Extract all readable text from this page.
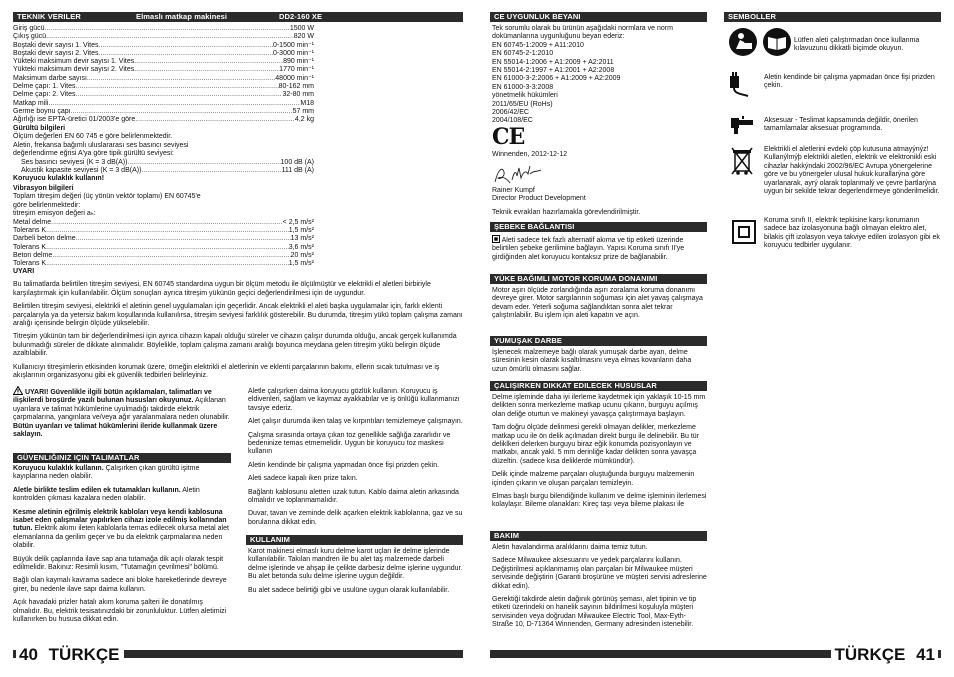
TEKNIK VERILER	Elmaslı matkap makinesi	DD2-160 XE
Giriş gücü .....	1500 W
Çıkış gücü .....	820 W
Boştaki devir sayısı 1. Vites .....	0-1500 min⁻¹
Boştaki devir sayısı 2. Vites .....	0-3000 min⁻¹
Yükteki maksimum devir sayısı 1. Vites .....	890 min⁻¹
Yükteki maksimum devir sayısı 2. Vites .....	1770 min⁻¹
Maksimum darbe sayısı .....	48000 min⁻¹
Delme çapı: 1. Vites .....	80-162 mm
Delme çapı: 2. Vites .....	32-80 mm
Matkap mili .....	M18
Germe boynu çapı .....	57 mm
Ağırlığı ise EPTA-üretici 01/2003'e göre .....	4,2 kg
Gürültü bilgileri
Ölçüm değerleri EN 60 745 e göre belirlenmektedir.
Aletin, frekansa bağımlı uluslararası ses basıncı seviyesi
değerlendirme eğrisi A'ya göre tipik gürültü seviyesi:
Ses basıncı seviyesi (K = 3 dB(A)) .....	100 dB (A)
Akustik kapasite seviyesi (K = 3 dB(A)) .....	111 dB (A)
Koruyucu kulaklık kullanın!
Vibrasyon bilgileri
Toplam titreşim değeri (üç yönün vektör toplamı) EN 60745'e
göre belirlenmektedir:
titreşim emisyon değeri aₕ:
Metal delme .....	< 2,5 m/s²
Tolerans K .....	1,5 m/s²
Darbeli beton delme .....	13 m/s²
Tolerans K .....	3,6 m/s²
Beton delme .....	20 m/s²
Tolerans K .....	1,5 m/s²
UYARI

Bu talimatlarda belirtilen titreşim seviyesi, EN 60745 standardına uygun bir ölçüm metodu ile ölçülmüştür ve elektrikli el aletleri birbiriyle karşılaştırmak için kullanılabilir. Ölçüm sonuçları ayrıca titreşim yükünün geçici değerlendirilmesi için de uygundur.

Belirtilen titreşim seviyesi, elektrikli el aletinin genel uygulamaları için geçerlidir. Ancak elektrikli el aleti başka uygulamalar için, farklı eklenti parçalarıyla ya da yetersiz bakım koşullarında kullanılırsa, titreşim seviyesi farklılık gösterebilir. Bu durumda, titreşim yükü toplam çalışma zamanı aralığı içerisinde belirgin ölçüde yükselebilir.

Titreşim yükünün tam bir değerlendirilmesi için ayrıca cihazın kapalı olduğu süreler ve cihazın çalışır durumda olduğu, ancak gerçek kullanımda bulunmadığı süreler de dikkate alınmalıdır. Böylelikle, toplam çalışma zamanı aralığı boyunca meydana gelen titreşim yükü belirgin ölçüde azaltılabilir.

Kullanıcıyı titreşimlerin etkisinden korumak üzere, örneğin elektrikli el aletlerinin ve eklenti parçalarının bakımı, ellerin sıcak tutulması ve iş akışlarının organizasyonu gibi ek güvenlik tedbirleri belirleyiniz.

UYARI! Güvenlikle ilgili bütün açıklamaları, talimatları ve ilişkilerdi broşürde yazılı bulunan hususları okuyunuz. Açıklanan uyarılara ve talimat hükümlerine uyulmadığı takdirde elektrik çarpmalarına, yangınlara ve/veya ağır yaralanmalara neden olunabilir. Bütün uyarıları ve talimat hükümlerini ileride kullanmak üzere saklayın.

GÜVENLIĞINIZ IÇIN TALIMATLAR

Koruyucu kulaklık kullanın. Çalışırken çıkan gürültü işitme kayıplarına neden olabilir.

Aletle birlikte teslim edilen ek tutamakları kullanın. Aletin kontrolden çıkması kazalara neden olabilir.

Kesme aletinin eğrilmiş elektrik kabloları veya kendi kablosuna isabet eden çalışmalar yapılırken cihazı izole edilmiş kollarından tutun. Elektrik akımı ileten kablolarla temas edilecek olursa metal alet elemanlarına da gerilim geçer ve bu da elektrik çarpmalarına neden olabilir.

Büyük delik çaplarında ilave sap ana tutamağa dik açılı olarak tespit edilmelidir. Bakınız: Resimli kısım, "Tutamağın çevrilmesi" bölümü.

Bağlı olan kaymalı kavrama sadece ani bloke hareketlerinde devreye girer, bu nedenle ilave sapı daima kullanın.

Açık havadaki prizler hatalı akım koruma şalteri ile donatılmış olmalıdır. Bu, elektrik tesisatınızdaki bir zorunluluktur. Lütfen aletimizi kullanırken bu hususa dikkat edin.

Aletle çalışırken daima koruyucu gözlük kullanın. Koruyucu iş eldivenleri, sağlam ve kaymaz ayakkabılar ve iş önlüğü kullanmanızı tavsiye ederiz.

Alet çalışır durumda iken talaş ve kırpıntıları temizlemeye çalışmayın.

Çalışma sırasında ortaya çıkan toz genellikle sağlığa zararlıdır ve bedeninize temas etmemelidir. Uygun bir koruyucu toz maskesi kullanın

Aletin kendinde bir çalışma yapmadan önce fişi prizden çekin.

Aleti sadece kapalı iken prize takın.

Bağlantı kablosunu aletten uzak tutun. Kablo daima aletin arkasında olmalıdır ve toplanmamalıdır.

Duvar, tavan ve zeminde delik açarken elektrik kablolarına, gaz ve su borularına dikkat edin.

KULLANIM

Karot makinesi elmaslı kuru delme karot uçları ile delme işlerinde kullanılabilir. Takılan mandren ile bu alet taş malzemede darbeli delme işlerinde ve ahşap ile çelikte darbesiz delme işlerine uygundur. Bu alet betonda sulu delme işlerine uygun değildir.

Bu alet sadece belirtiği gibi ve usulüne uygun olarak kullanılabilir.

40 TÜRKÇE
CE UYGUNLUK BEYANI
Tek sorumlu olarak bu ürünün aşağıdaki normlara ve norm
dokümanlarına uygunluğunu beyan ederiz:
EN 60745-1:2009 + A11:2010
EN 60745-2-1:2010
EN 55014-1:2006 + A1:2009 + A2:2011
EN 55014-2:1997 + A1:2001 + A2:2008
EN 61000-3-2:2006 + A1:2009 + A2:2009
EN 61000-3-3:2008
yönetmelik hükümleri
2011/65/EU (RoHs)
2006/42/EC
2004/108/EC
CE
Winnenden, 2012-12-12
Rainer Kumpf
Director Product Development
Teknik evrakları hazırlamakla görevlendirilmiştir.
ŞEBEKE BAĞLANTISI

Aleti sadece tek fazlı alternatif akıma ve tip etiketi üzerinde belirtilen şebeke gerilimine bağlayın. Yapısı Koruma sınıfı II'ye girdiğinden alet koruyucu kontaksız prize de bağlanabilir.

YÜKE BAĞIMLI MOTOR KORUMA DONANIMI

Motor aşırı ölçüde zorlandığında aşırı zoralama koruma donanımı devreye girer. Motor sargılarının soğuması için alet yavaş çalışmaya devam eder. Yeterli soğuma sağlandıktan sonra alet tekrar çalıştırılabilir. Bu işlem için aleti kapatın ve açın.

YUMUŞAK DARBE

İşlenecek malzemeye bağlı olarak yumuşak darbe ayarı, delme süresinin kesin olarak kısaltılmasını veya elmas kovanların daha uzun ömürlü olmasını sağlar.

ÇALIŞIRKEN DIKKAT EDILECEK HUSUSLAR

Delme işleminde daha iyi ilerleme kaydetmek için yaklaşık 10-15 mm delikten sonra merkezleme matkap ucunu çıkarın, burguyu açılmış olan deliğe oturtun ve makineyi yavaşça çalıştırmaya başlayın.

Tam doğru ölçüde delinmesi gerekli olmayan delikler, merkezleme matkap ucu ile ön delik açılmadan direkt burgu ile delinebilir. Bu tür deliklkeri delerken burguyu biraz eğik konumda pozisyonlayın ve matkabı, ancak yakl. 5 mm derinliğe kadar delikten sonra yavaşça düzeltin. (sadece kısa deliklerde mümkündür).

Delik içinde malzeme parçaları oluştuğunda burguyu malzemenin içinden çıkarın ve oluşan parçaları temizleyin.

Elmas başlı burgu bilendiğinde kullanım ve delme işleminin ilerlemesi kolaylaşır. Bileme olanakları: Kireç taşı veya bileme plakası ile

BAKIM

Aletin havalandırma aralıklarını daima temiz tutun.

Sadece Milwaukee aksesuarını ve yedek parçalarını kullanın. Değiştirilmesi açıklanmamış olan parçaları bir Milwaukee müşteri servisinde değiştirin (Garanti broşürüne ve müşteri servisi adreslerine dikkat edin).

Gerektiği takdirde aletin dağınık görünüş şeması, alet tipinin ve tip etiketi üzerindeki on hanelik sayının bildirilmesi koşuluyla müşteri servisinden veya doğrudan Milwaukee Electric Tool, Max-Eyth-Straße 10, D-71364 Winnenden, Germany adresinden istenebilir.

SEMBOLLER
Lütfen aleti çalıştırmadan önce kullanma kılavuzunu dikkatli biçimde okuyun.
Aletin kendinde bir çalışma yapmadan önce fişi prizden çekin.
Aksesuar - Teslimat kapsamında değildir, önerilen tamamlamalar aksesuar programında.
Elektrikli el aletlerini evdeki çöp kutusuna atmayýnýz! Kullanýlmýþ elektrikli aletleri, elektrik ve elektronikli eski cihazlar hakkýndaki 2002/96/EC Avrupa yönergelerine göre ve bu yönergeler ulusal hukuk kurallarýna göre uyarlanarak, ayrý olarak toplanmalý ve çevre þartlarýna uygun bir sekilde tekrar degerlendirmeye gönderilmelidir.
Koruma sınıfı II, elektrik tepkisine karşı korumanın sadece baz izolasyonuna bağlı olmayan elektro alet, bilakis çift izolasyon veya takviye edilen izolasyon gibi ek koruyucu tedbirler uygulanır.
TÜRKÇE 41
